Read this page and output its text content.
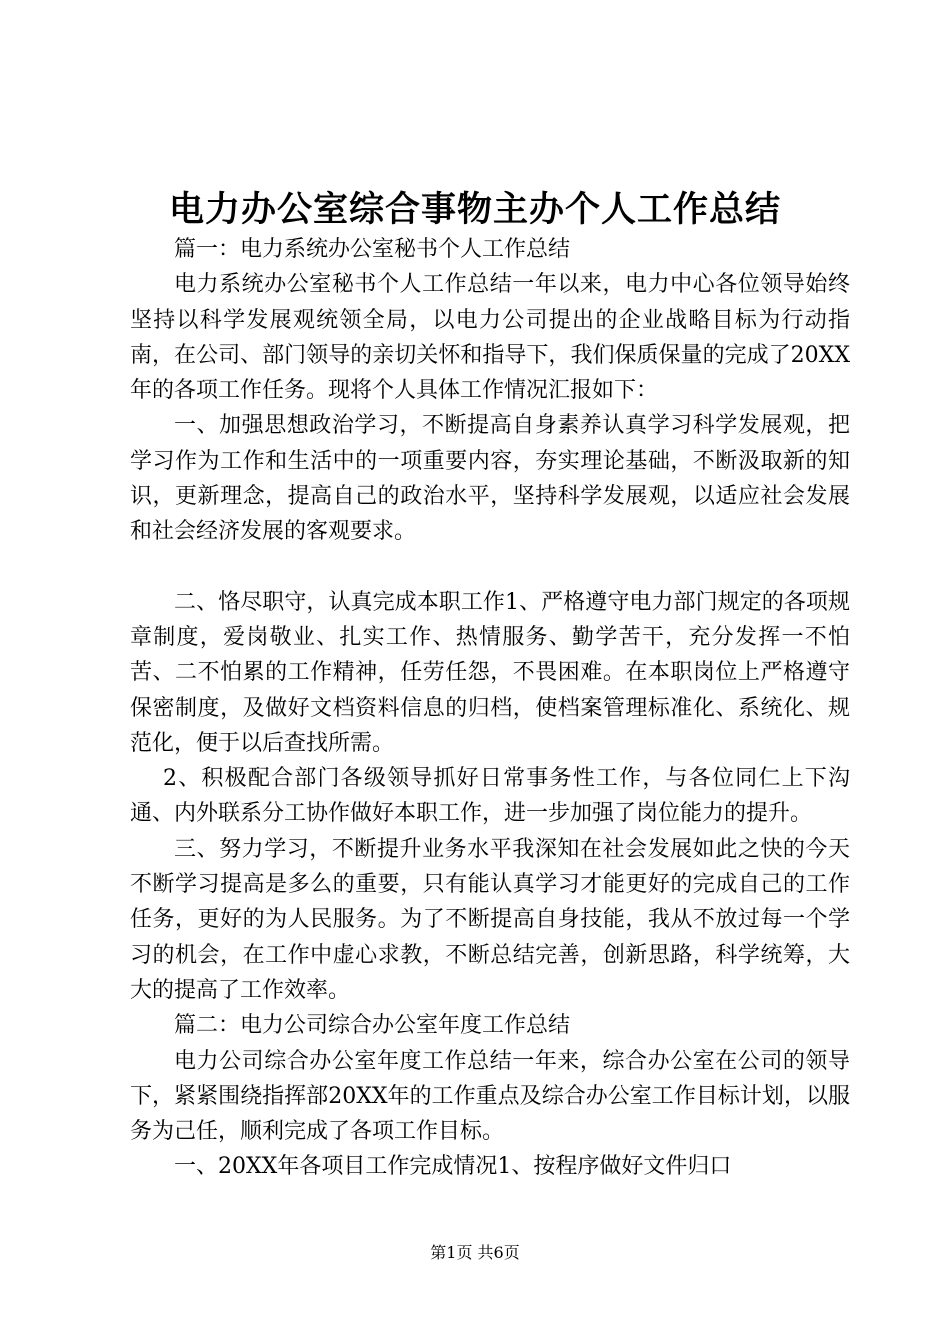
电力办公室综合事物主办个人工作总结

篇一：电力系统办公室秘书个人工作总结

电力系统办公室秘书个人工作总结一年以来，电力中心各位领导始终坚持以科学发展观统领全局，以电力公司提出的企业战略目标为行动指南，在公司、部门领导的亲切关怀和指导下，我们保质保量的完成了20XX年的各项工作任务。现将个人具体工作情况汇报如下：

一、加强思想政治学习，不断提高自身素养认真学习科学发展观，把学习作为工作和生活中的一项重要内容，夯实理论基础，不断汲取新的知识，更新理念，提高自己的政治水平，坚持科学发展观，以适应社会发展和社会经济发展的客观要求。

二、恪尽职守，认真完成本职工作1、严格遵守电力部门规定的各项规章制度，爱岗敬业、扎实工作、热情服务、勤学苦干，充分发挥一不怕苦、二不怕累的工作精神，任劳任怨，不畏困难。在本职岗位上严格遵守保密制度，及做好文档资料信息的归档，使档案管理标准化、系统化、规范化，便于以后查找所需。

2、积极配合部门各级领导抓好日常事务性工作，与各位同仁上下沟通、内外联系分工协作做好本职工作，进一步加强了岗位能力的提升。

三、努力学习，不断提升业务水平我深知在社会发展如此之快的今天不断学习提高是多么的重要，只有能认真学习才能更好的完成自己的工作任务，更好的为人民服务。为了不断提高自身技能，我从不放过每一个学习的机会，在工作中虚心求教，不断总结完善，创新思路，科学统筹，大大的提高了工作效率。

篇二：电力公司综合办公室年度工作总结

电力公司综合办公室年度工作总结一年来，综合办公室在公司的领导下，紧紧围绕指挥部20XX年的工作重点及综合办公室工作目标计划，以服务为己任，顺利完成了各项工作目标。

一、20XX年各项目工作完成情况1、按程序做好文件归口

第1页 共6页
